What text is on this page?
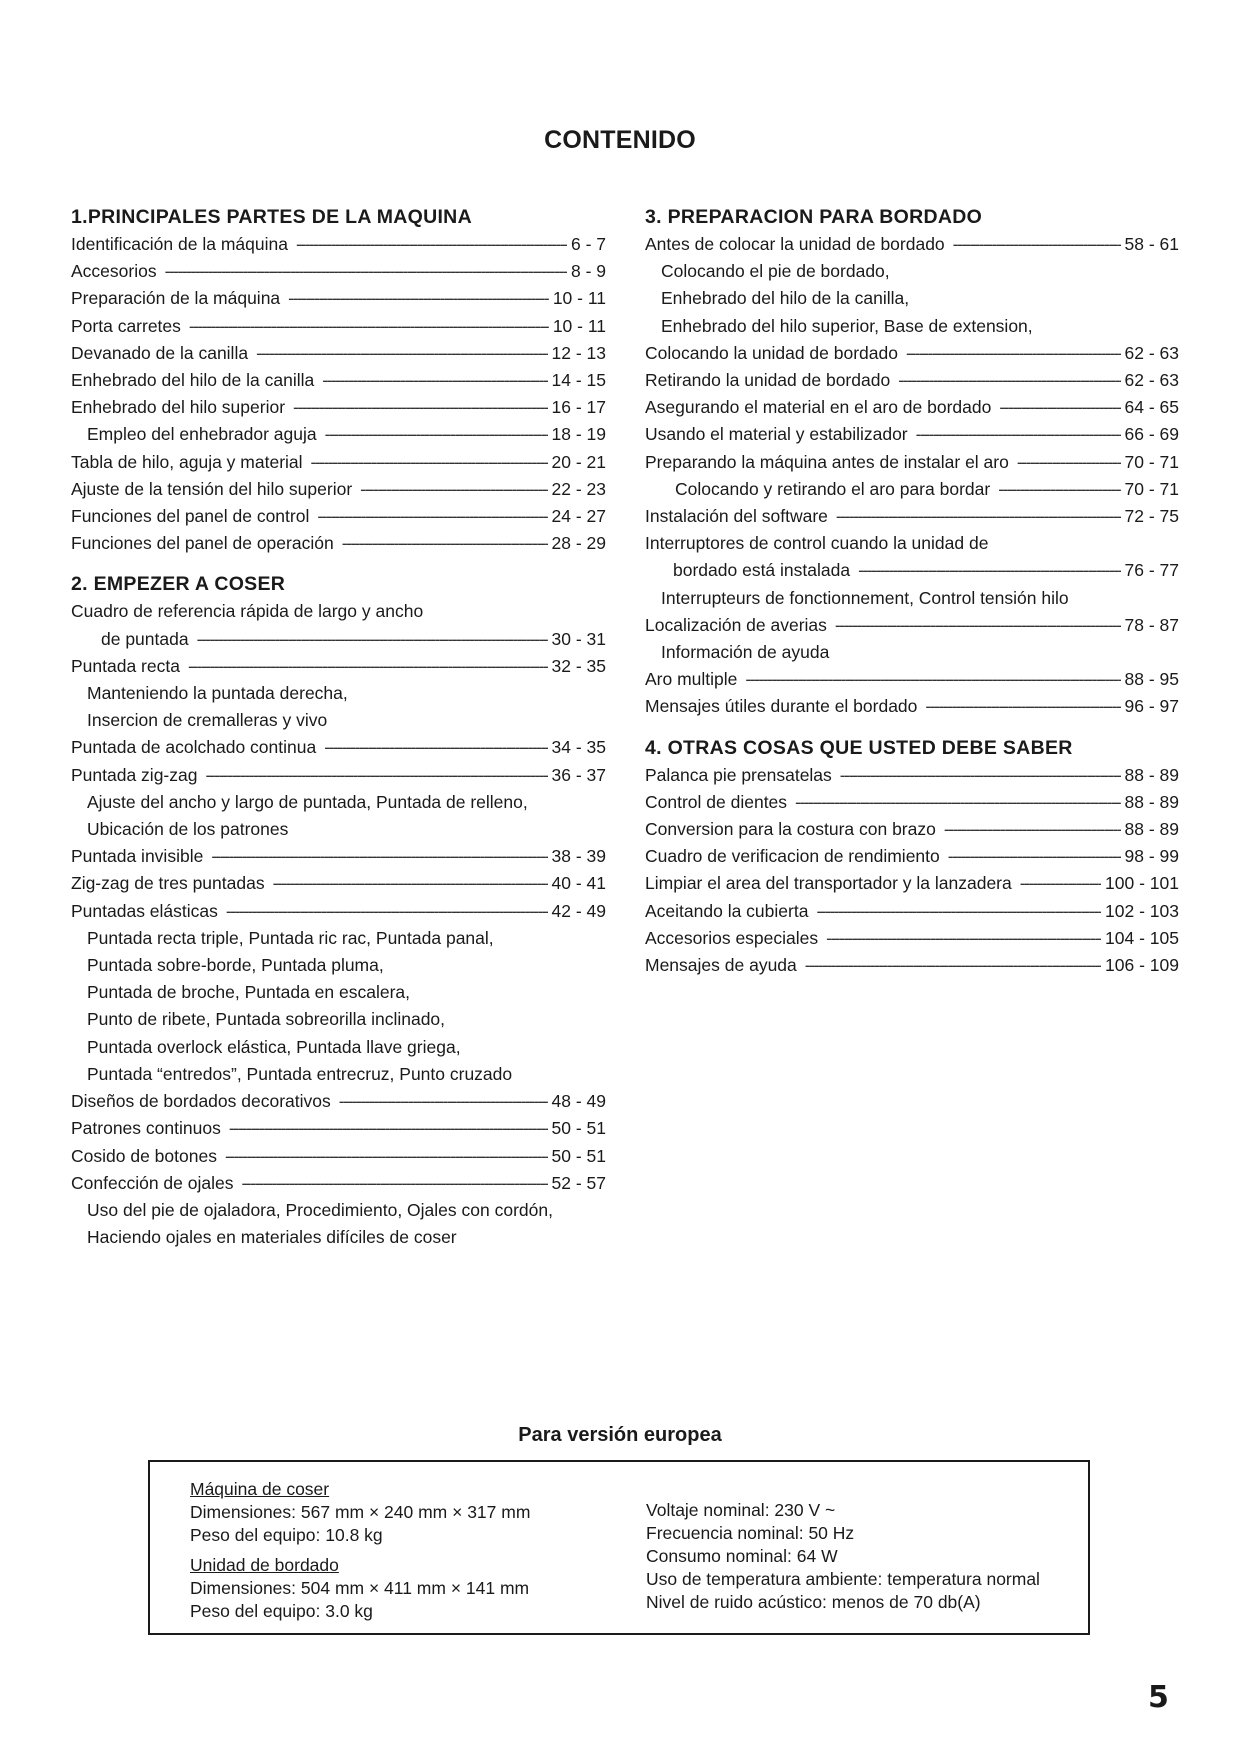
CONTENIDO
1.PRINCIPALES PARTES DE LA MAQUINA
Identificación de la máquina -----	6 - 7
Accesorios -----	8 - 9
Preparación de la máquina -----	10 - 11
Porta carretes -----	10 - 11
Devanado de la canilla -----	12 - 13
Enhebrado del hilo de la canilla -----	14 - 15
Enhebrado del hilo superior -----	16 - 17
Empleo del enhebrador aguja -----	18 - 19
Tabla de hilo, aguja y material -----	20 - 21
Ajuste de la tensión del hilo superior -----	22 - 23
Funciones del panel de control -----	24 - 27
Funciones del panel de operación -----	28 - 29
2. EMPEZER A COSER
Cuadro de referencia rápida de largo y ancho
de puntada -----	30 - 31
Puntada recta -----	32 - 35
Manteniendo la puntada derecha,
Insercion de cremalleras y vivo
Puntada de acolchado continua -----	34 - 35
Puntada zig-zag -----	36 - 37
Ajuste del ancho y largo de puntada, Puntada de relleno,
Ubicación de los patrones
Puntada invisible -----	38 - 39
Zig-zag de tres puntadas -----	40 - 41
Puntadas elásticas -----	42 - 49
Puntada recta triple, Puntada ric rac, Puntada panal,
Puntada sobre-borde, Puntada pluma,
Puntada de broche, Puntada en escalera,
Punto de ribete, Puntada sobreorilla inclinado,
Puntada overlock elástica, Puntada llave griega,
Puntada “entredos”, Puntada entrecruz, Punto cruzado
Diseños de bordados decorativos -----	48 - 49
Patrones continuos -----	50 - 51
Cosido de botones -----	50 - 51
Confección de ojales -----	52 - 57
Uso del pie de ojaladora, Procedimiento, Ojales con cordón,
Haciendo ojales en materiales difíciles de coser
3. PREPARACION PARA BORDADO
Antes de colocar la unidad de bordado -----	58 - 61
Colocando el pie de bordado,
Enhebrado del hilo de la canilla,
Enhebrado del hilo superior, Base de extension,
Colocando la unidad de bordado -----	62 - 63
Retirando la unidad de bordado -----	62 - 63
Asegurando el material en el aro de bordado -----	64 - 65
Usando el material y estabilizador -----	66 - 69
Preparando la máquina antes de instalar el aro -----	70 - 71
Colocando y retirando el aro para bordar -----	70 - 71
Instalación del software -----	72 - 75
Interruptores de control cuando la unidad de
bordado está instalada -----	76 - 77
Interrupteurs de fonctionnement, Control tensión hilo
Localización de averias -----	78 - 87
Información de ayuda
Aro multiple -----	88 - 95
Mensajes útiles durante el bordado -----	96 - 97
4. OTRAS COSAS QUE USTED DEBE SABER
Palanca pie prensatelas -----	88 - 89
Control de dientes -----	88 - 89
Conversion para la costura con brazo -----	88 - 89
Cuadro de verificacion de rendimiento -----	98 - 99
Limpiar el area del transportador y la lanzadera -----	100 - 101
Aceitando la cubierta -----	102 - 103
Accesorios especiales -----	104 - 105
Mensajes de ayuda -----	106 - 109
Para versión europea
Máquina de coser
Dimensiones: 567 mm × 240 mm × 317 mm
Peso del equipo: 10.8 kg
Unidad de bordado
Dimensiones: 504 mm × 411 mm × 141 mm
Peso del equipo: 3.0 kg
Voltaje nominal: 230 V ~
Frecuencia nominal: 50 Hz
Consumo nominal: 64 W
Uso de temperatura ambiente: temperatura normal
Nivel de ruido acústico: menos de 70 db(A)
5
